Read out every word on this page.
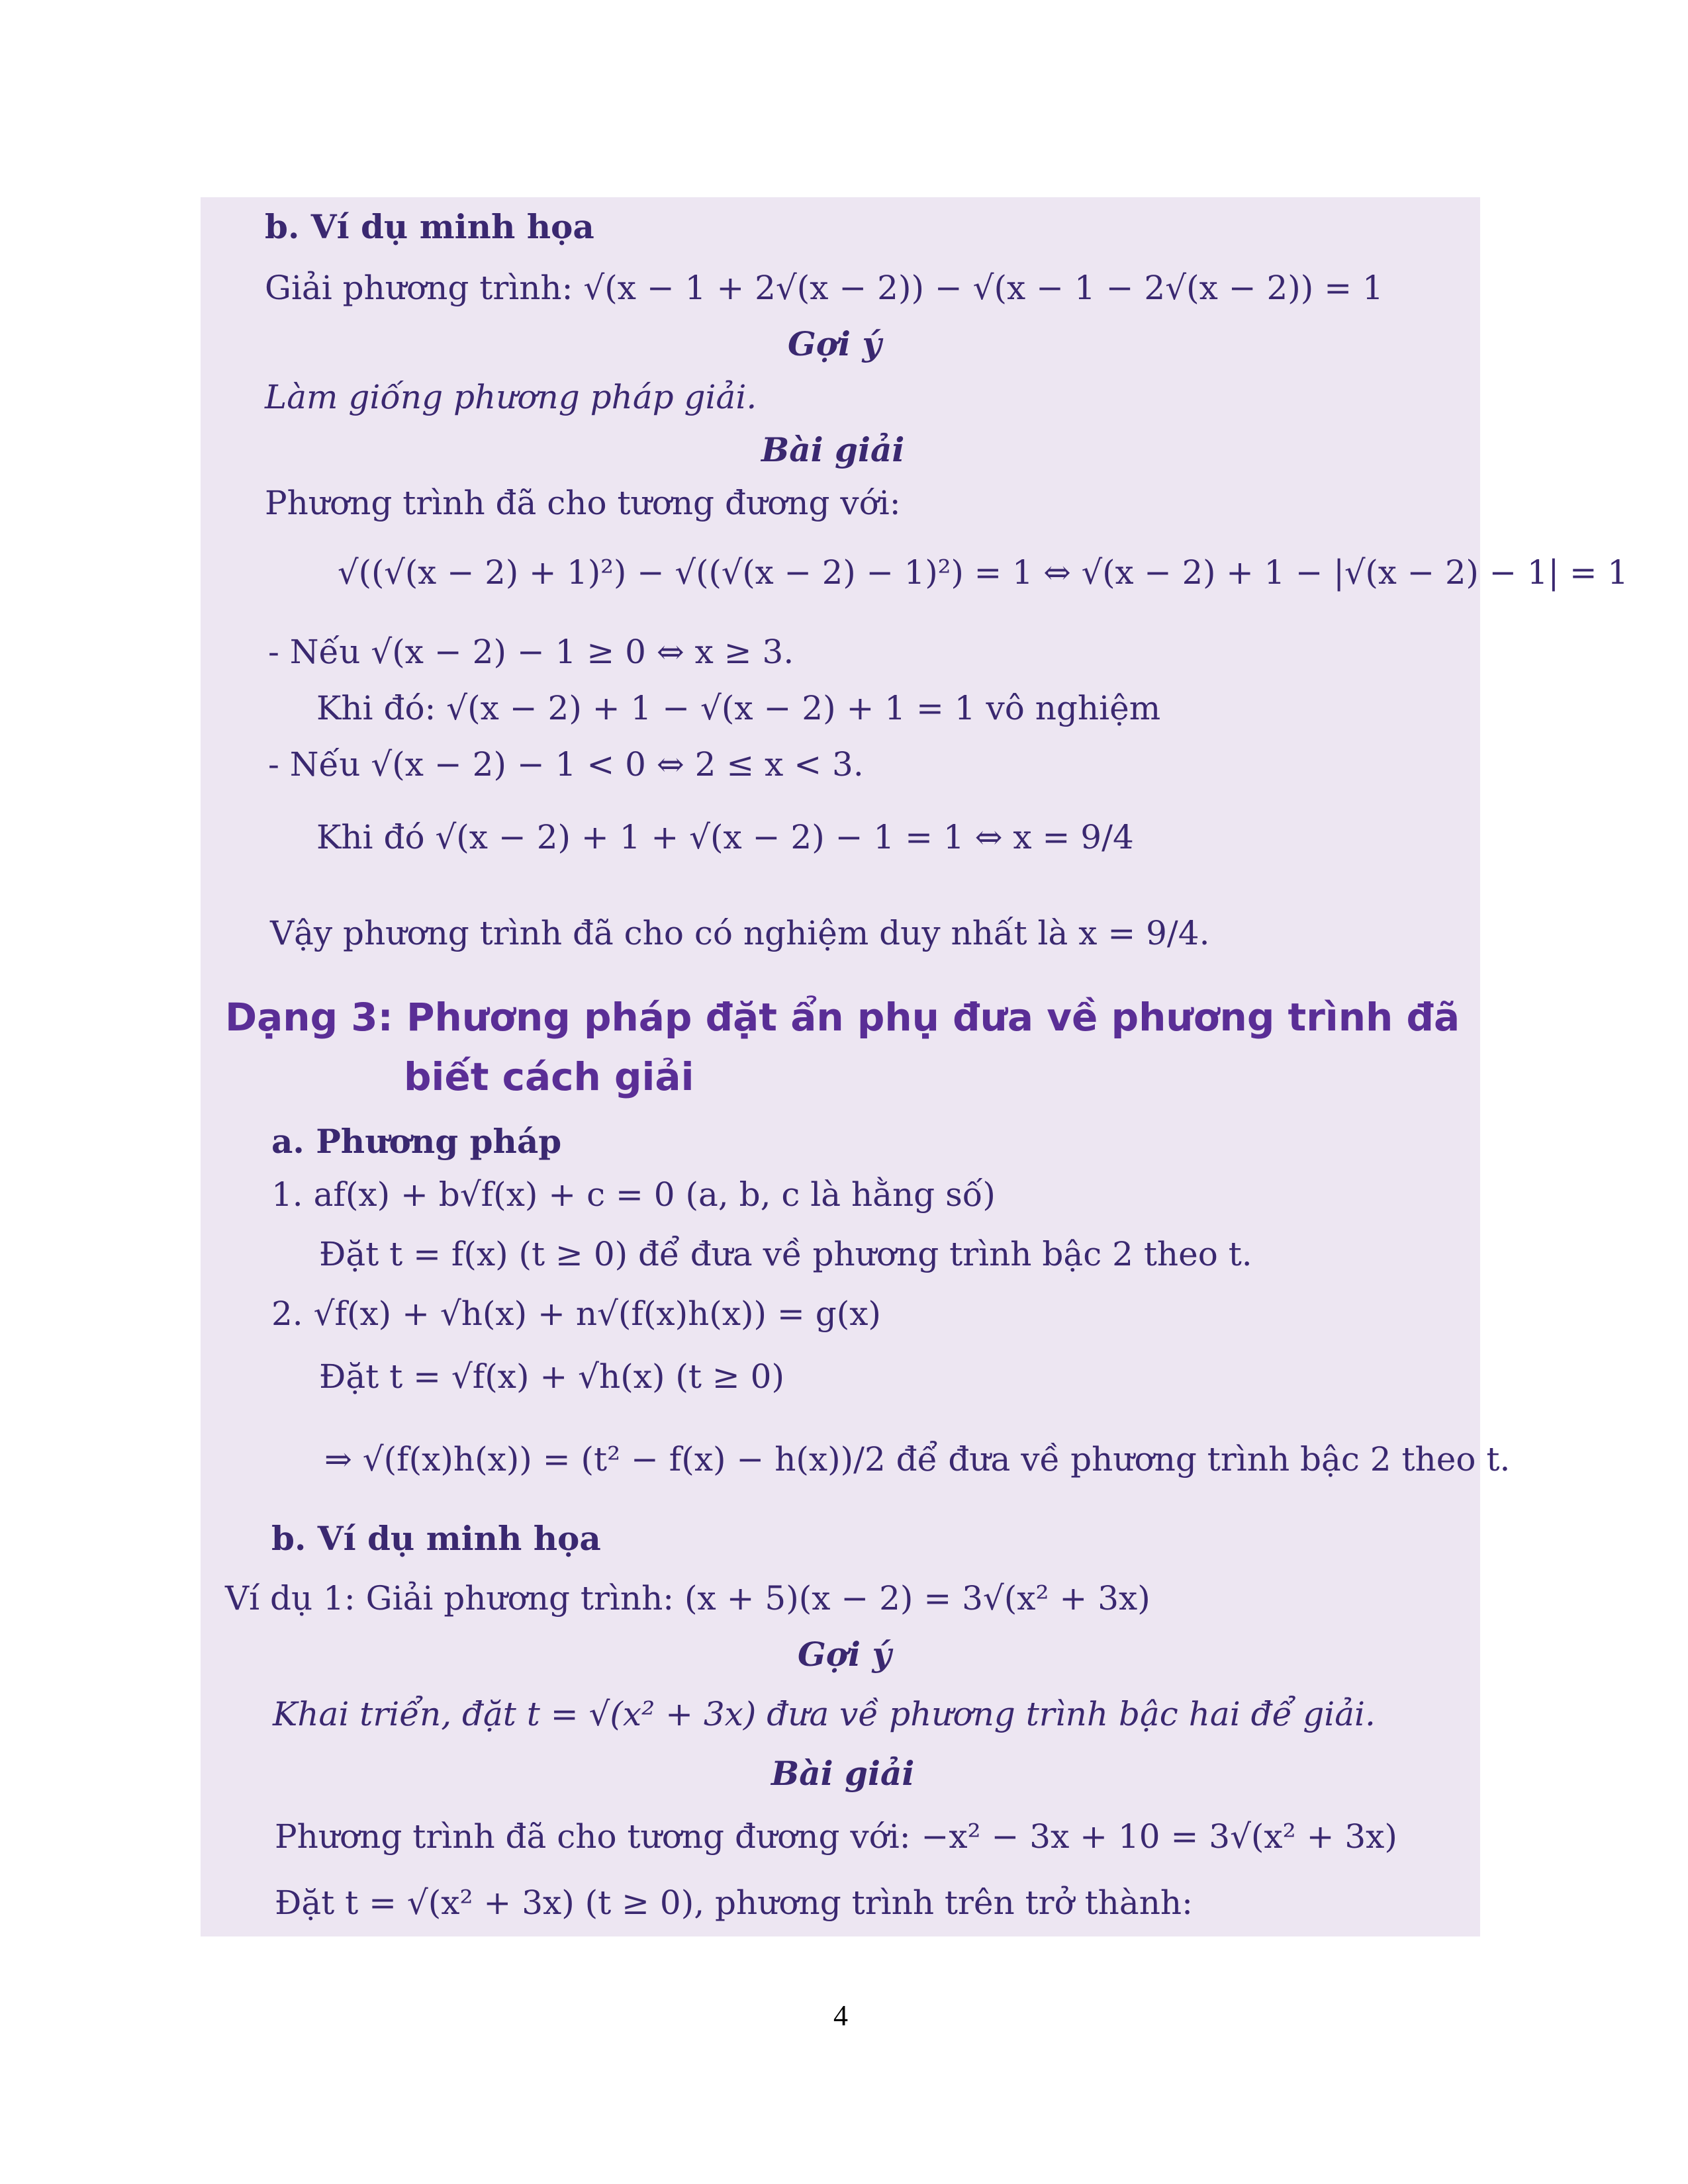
b. Ví dụ minh họa
Giải phương trình: √(x − 1 + 2√(x − 2)) − √(x − 1 − 2√(x − 2)) = 1
Gợi ý
Làm giống phương pháp giải.
Bài giải
Phương trình đã cho tương đương với:
√((√(x − 2) + 1)²) − √((√(x − 2) − 1)²) = 1 ⇔ √(x − 2) + 1 − |√(x − 2) − 1| = 1
- Nếu √(x − 2) − 1 ≥ 0 ⇔ x ≥ 3.
Khi đó: √(x − 2) + 1 − √(x − 2) + 1 = 1 vô nghiệm
- Nếu √(x − 2) − 1 < 0 ⇔ 2 ≤ x < 3.
Khi đó √(x − 2) + 1 + √(x − 2) − 1 = 1 ⇔ x = 9/4
Vậy phương trình đã cho có nghiệm duy nhất là x = 9/4.
Dạng 3: Phương pháp đặt ẩn phụ đưa về phương trình đã
biết cách giải
a. Phương pháp
1. af(x) + b√f(x) + c = 0 (a, b, c là hằng số)
Đặt t = f(x) (t ≥ 0) để đưa về phương trình bậc 2 theo t.
2. √f(x) + √h(x) + n√(f(x)h(x)) = g(x)
Đặt t = √f(x) + √h(x) (t ≥ 0)
⇒ √(f(x)h(x)) = (t² − f(x) − h(x))/2 để đưa về phương trình bậc 2 theo t.
b. Ví dụ minh họa
Ví dụ 1: Giải phương trình: (x + 5)(x − 2) = 3√(x² + 3x)
Gợi ý
Khai triển, đặt t = √(x² + 3x) đưa về phương trình bậc hai để giải.
Bài giải
Phương trình đã cho tương đương với: −x² − 3x + 10 = 3√(x² + 3x)
Đặt t = √(x² + 3x) (t ≥ 0), phương trình trên trở thành:
4
